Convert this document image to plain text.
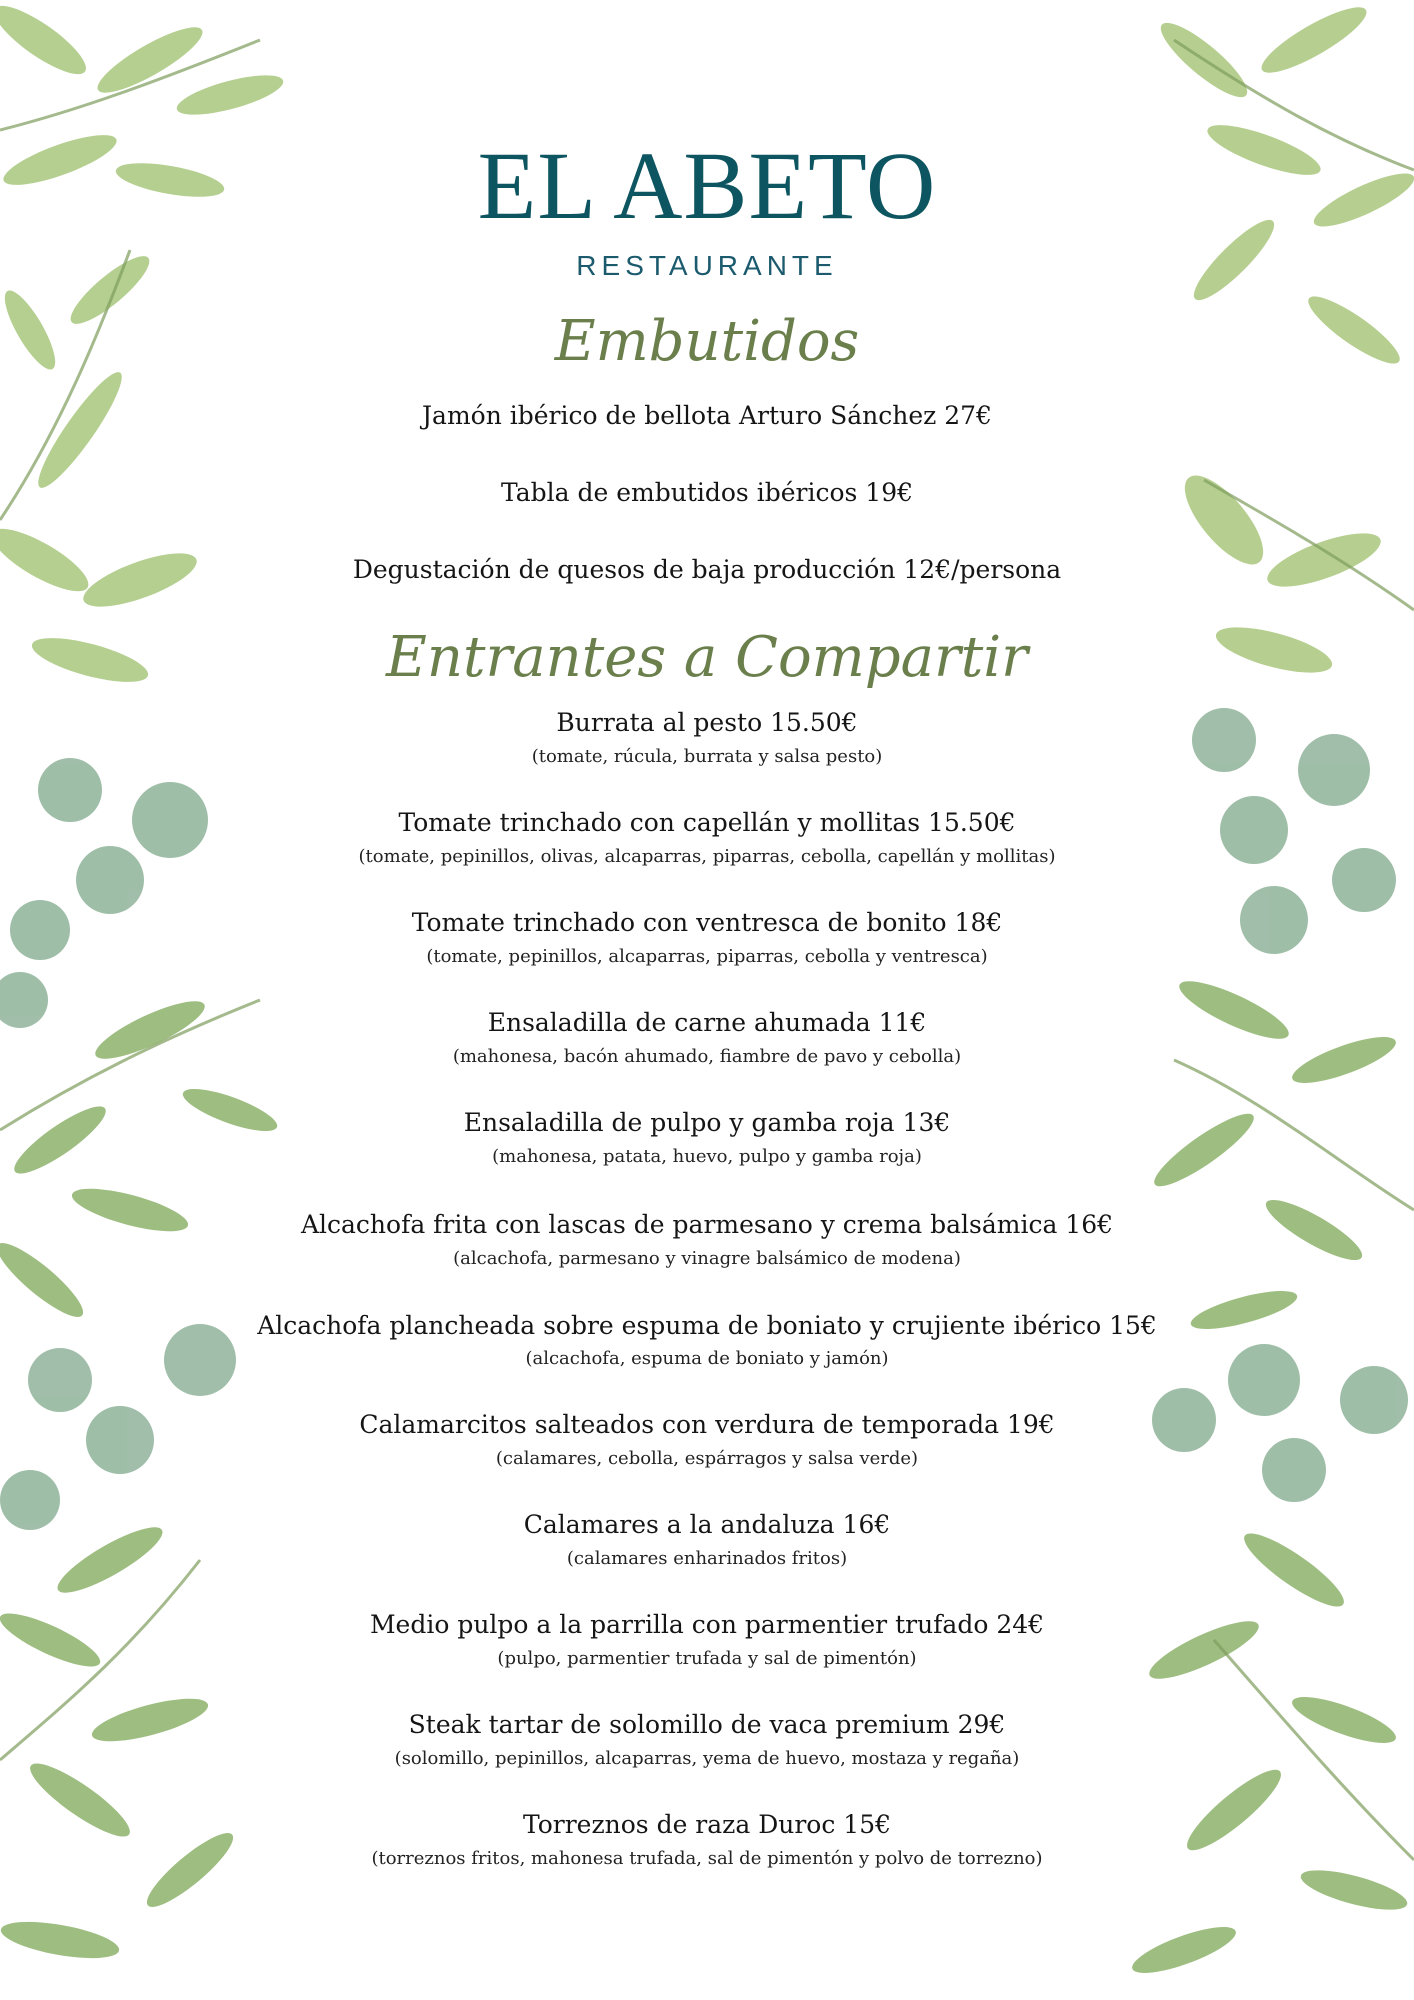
EL ABETO
RESTAURANTE
Embutidos
Jamón ibérico de bellota Arturo Sánchez 27€
Tabla de embutidos ibéricos 19€
Degustación de quesos de baja producción 12€/persona
Entrantes a Compartir
Burrata al pesto 15.50€
(tomate, rúcula, burrata y salsa pesto)
Tomate trinchado con capellán y mollitas 15.50€
(tomate, pepinillos, olivas, alcaparras, piparras, cebolla, capellán y mollitas)
Tomate trinchado con ventresca de bonito 18€
(tomate, pepinillos, alcaparras, piparras, cebolla y ventresca)
Ensaladilla de carne ahumada 11€
(mahonesa, bacón ahumado, fiambre de pavo y cebolla)
Ensaladilla de pulpo y gamba roja 13€
(mahonesa, patata, huevo, pulpo y gamba roja)
Alcachofa frita con lascas de parmesano y crema balsámica 16€
(alcachofa, parmesano y vinagre balsámico de modena)
Alcachofa plancheada sobre espuma de boniato y crujiente ibérico 15€
(alcachofa, espuma de boniato y jamón)
Calamarcitos salteados con verdura de temporada 19€
(calamares, cebolla, espárragos y salsa verde)
Calamares a la andaluza 16€
(calamares enharinados fritos)
Medio pulpo a la parrilla con parmentier trufado 24€
(pulpo, parmentier trufada y sal de pimentón)
Steak tartar de solomillo de vaca premium 29€
(solomillo, pepinillos, alcaparras, yema de huevo, mostaza y regaña)
Torreznos de raza Duroc 15€
(torreznos fritos, mahonesa trufada, sal de pimentón y polvo de torrezno)
